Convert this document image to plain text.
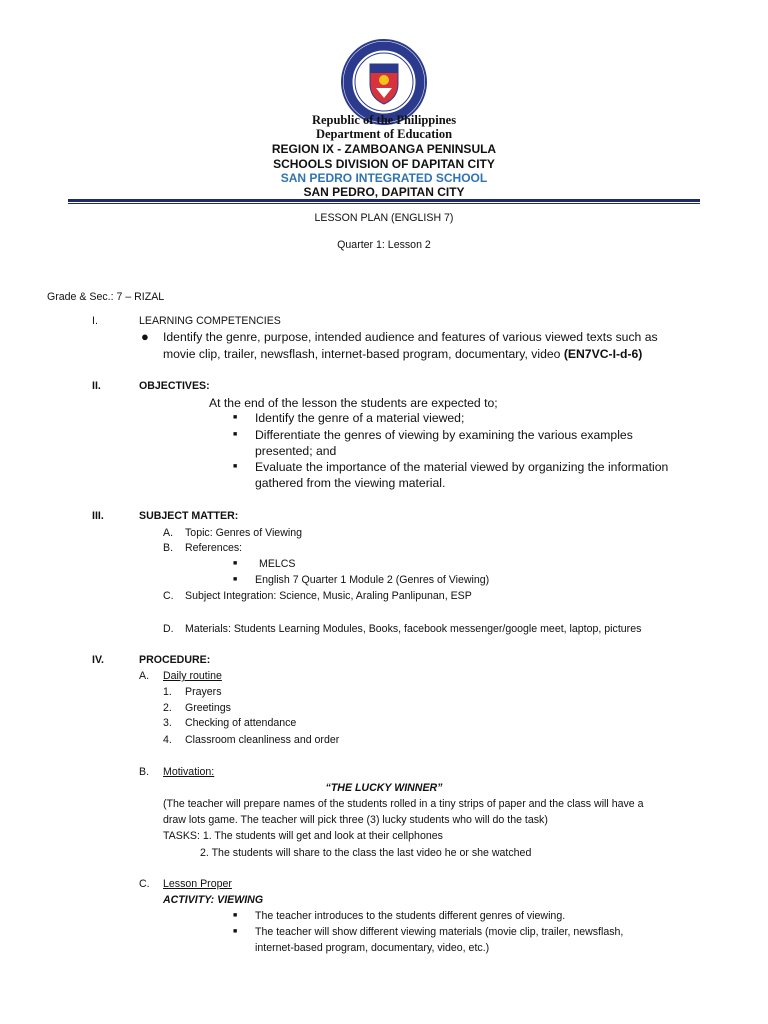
Republic of the Philippines
Department of Education
REGION IX - ZAMBOANGA PENINSULA
SCHOOLS DIVISION OF DAPITAN CITY
SAN PEDRO INTEGRATED SCHOOL
SAN PEDRO, DAPITAN CITY
LESSON PLAN (ENGLISH 7)
Quarter 1: Lesson 2
Grade & Sec.: 7 – RIZAL
I.	LEARNING COMPETENCIES
● Identify the genre, purpose, intended audience and features of various viewed texts such as
movie clip, trailer, newsflash, internet-based program, documentary, video (EN7VC-I-d-6)
II.	OBJECTIVES:
At the end of the lesson the students are expected to;
■ Identify the genre of a material viewed;
■ Differentiate the genres of viewing by examining the various examples
presented; and
■ Evaluate the importance of the material viewed by organizing the information
gathered from the viewing material.
III.	SUBJECT MATTER:
A. Topic: Genres of Viewing
B. References:
■ MELCS
■ English 7 Quarter 1 Module 2 (Genres of Viewing)
C. Subject Integration: Science, Music, Araling Panlipunan, ESP
D. Materials: Students Learning Modules, Books, facebook messenger/google meet, laptop, pictures
IV.	PROCEDURE:
A. Daily routine
1. Prayers
2. Greetings
3. Checking of attendance
4. Classroom cleanliness and order
B. Motivation:
“THE LUCKY WINNER”
(The teacher will prepare names of the students rolled in a tiny strips of paper and the class will have a
draw lots game. The teacher will pick three (3) lucky students who will do the task)
TASKS: 1. The students will get and look at their cellphones
2. The students will share to the class the last video he or she watched
C. Lesson Proper
ACTIVITY: VIEWING
■ The teacher introduces to the students different genres of viewing.
■ The teacher will show different viewing materials (movie clip, trailer, newsflash,
internet-based program, documentary, video, etc.)
